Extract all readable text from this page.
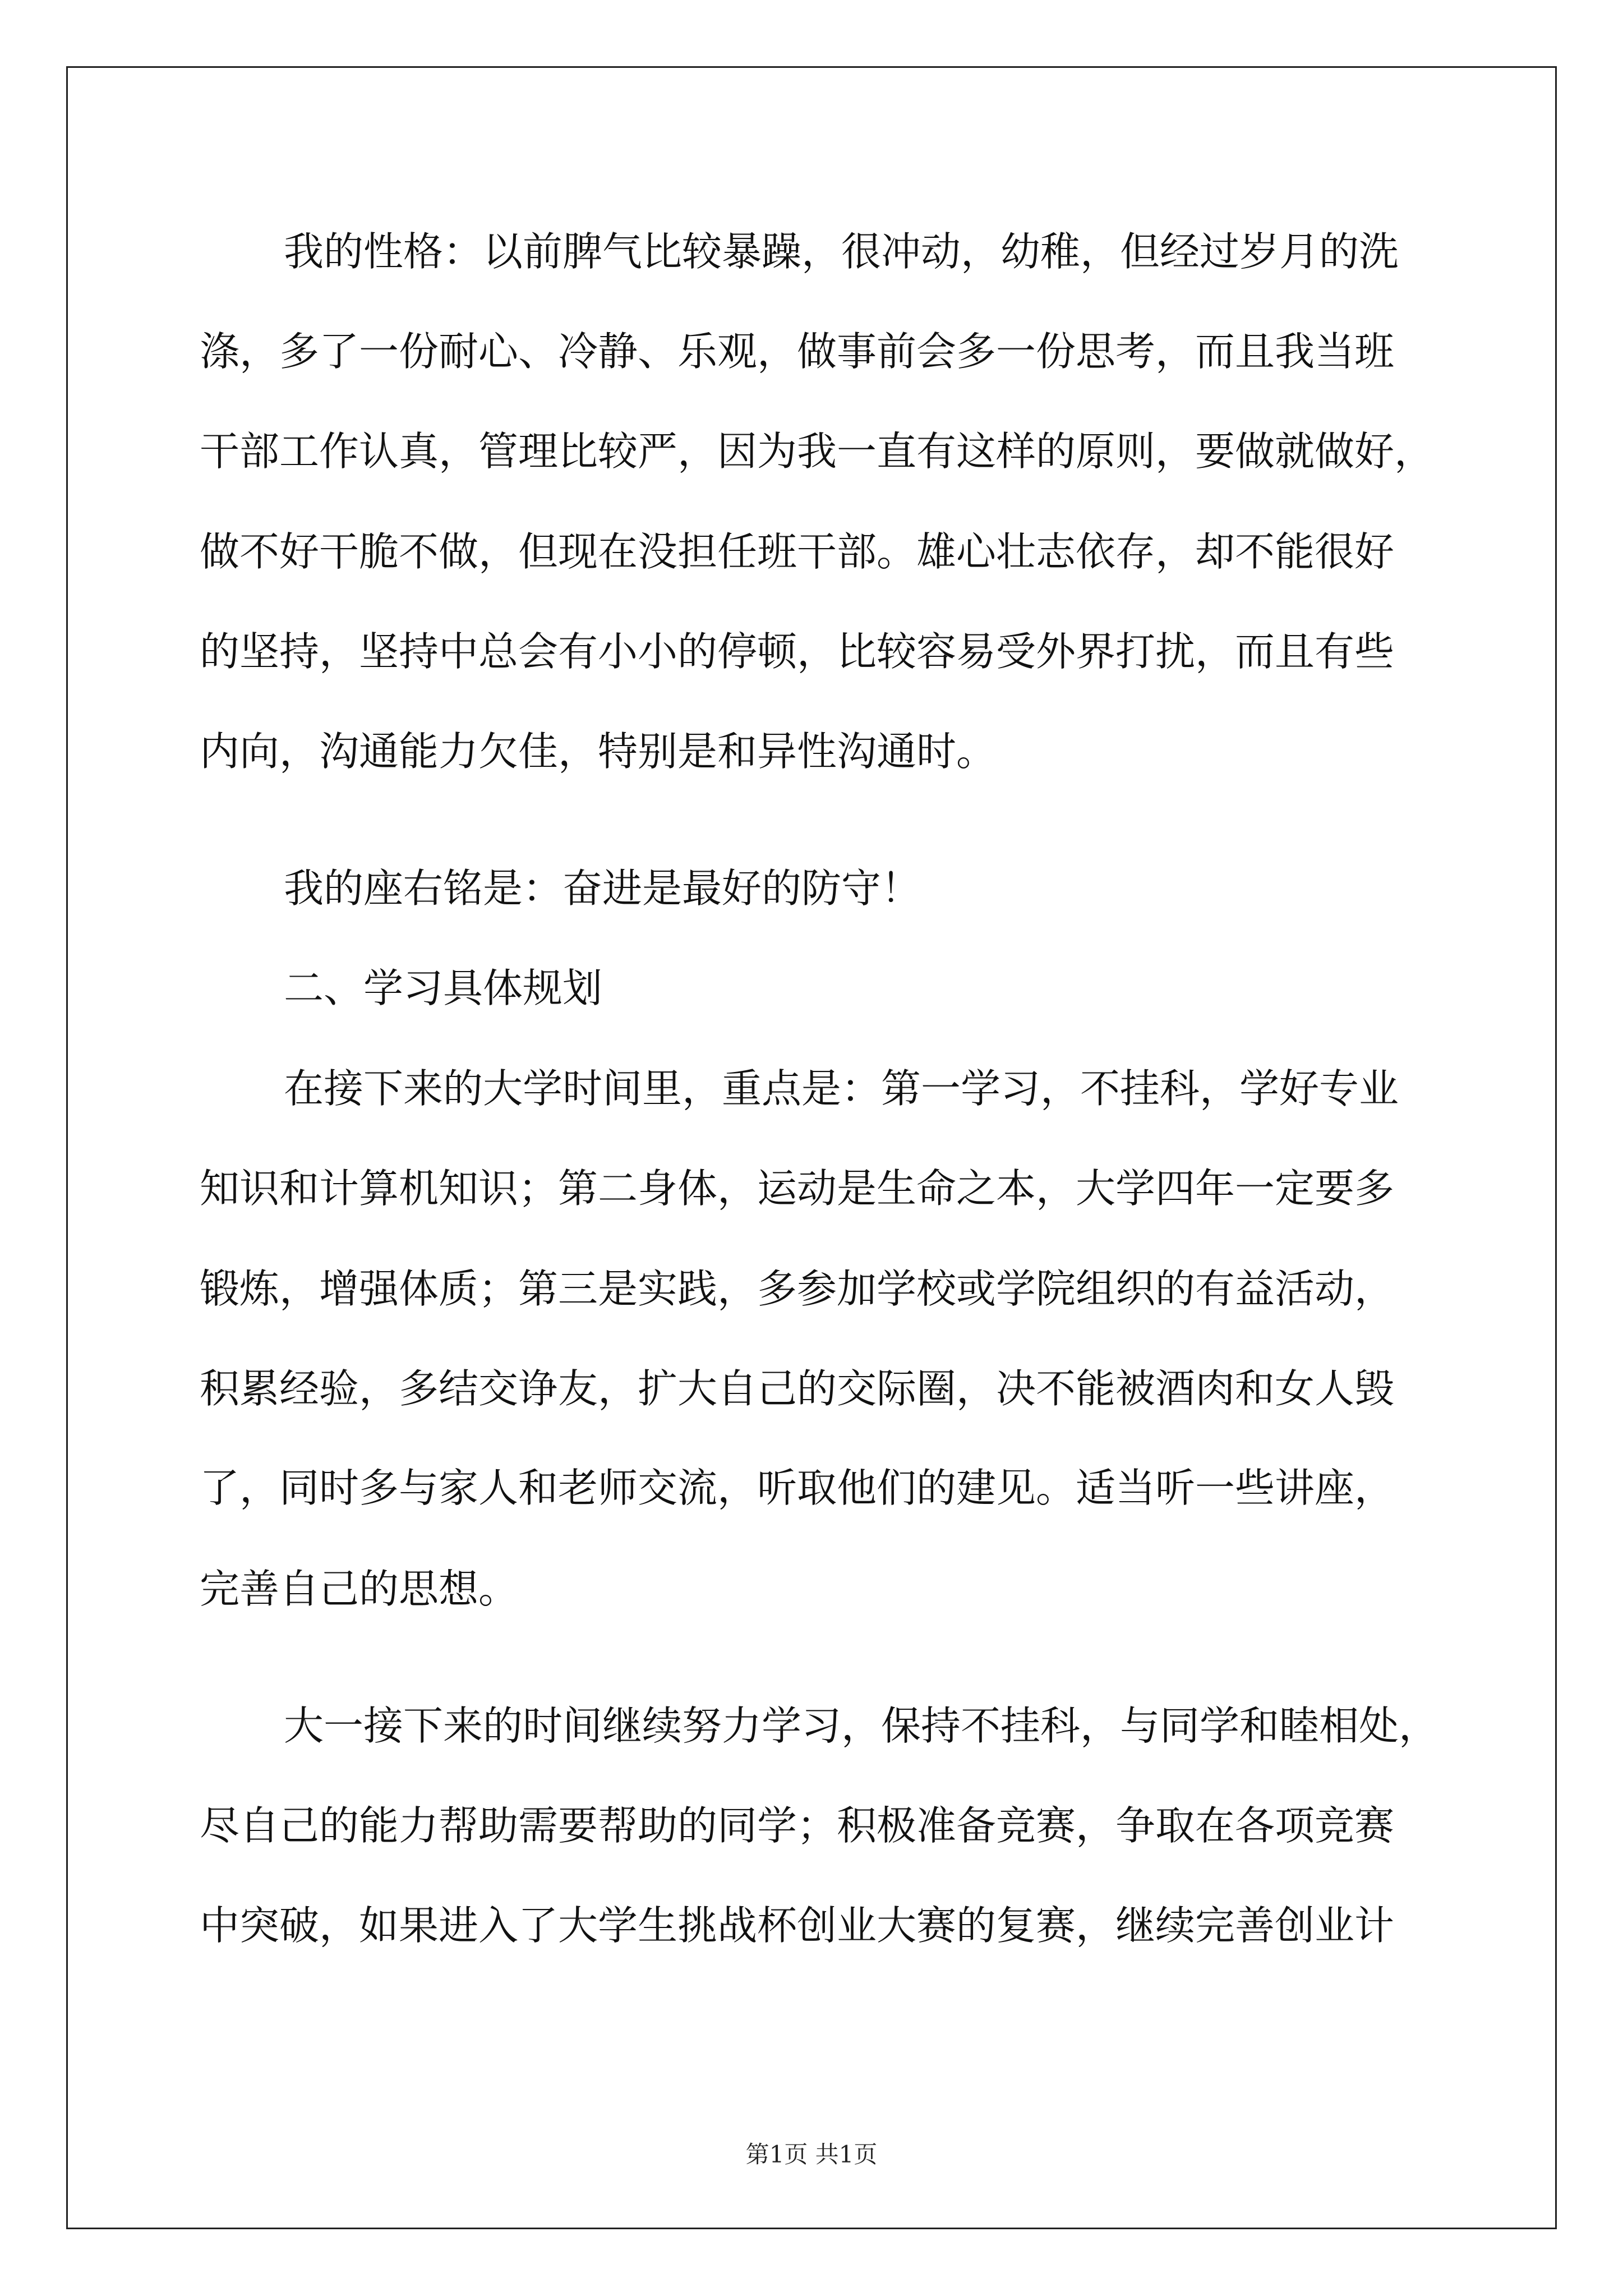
我的性格：以前脾气比较暴躁，很冲动，幼稚，但经过岁月的洗
涤，多了一份耐心、冷静、乐观，做事前会多一份思考，而且我当班
干部工作认真，管理比较严，因为我一直有这样的原则，要做就做好，
做不好干脆不做，但现在没担任班干部。雄心壮志依存，却不能很好
的坚持，坚持中总会有小小的停顿，比较容易受外界打扰，而且有些
内向，沟通能力欠佳，特别是和异性沟通时。
我的座右铭是：奋进是最好的防守！
二、学习具体规划
在接下来的大学时间里，重点是：第一学习，不挂科，学好专业
知识和计算机知识；第二身体，运动是生命之本，大学四年一定要多
锻炼，增强体质；第三是实践，多参加学校或学院组织的有益活动，
积累经验，多结交诤友，扩大自己的交际圈，决不能被酒肉和女人毁
了，同时多与家人和老师交流，听取他们的建见。适当听一些讲座，
完善自己的思想。
大一接下来的时间继续努力学习，保持不挂科，与同学和睦相处，
尽自己的能力帮助需要帮助的同学；积极准备竞赛，争取在各项竞赛
中突破，如果进入了大学生挑战杯创业大赛的复赛，继续完善创业计
第1页 共1页
